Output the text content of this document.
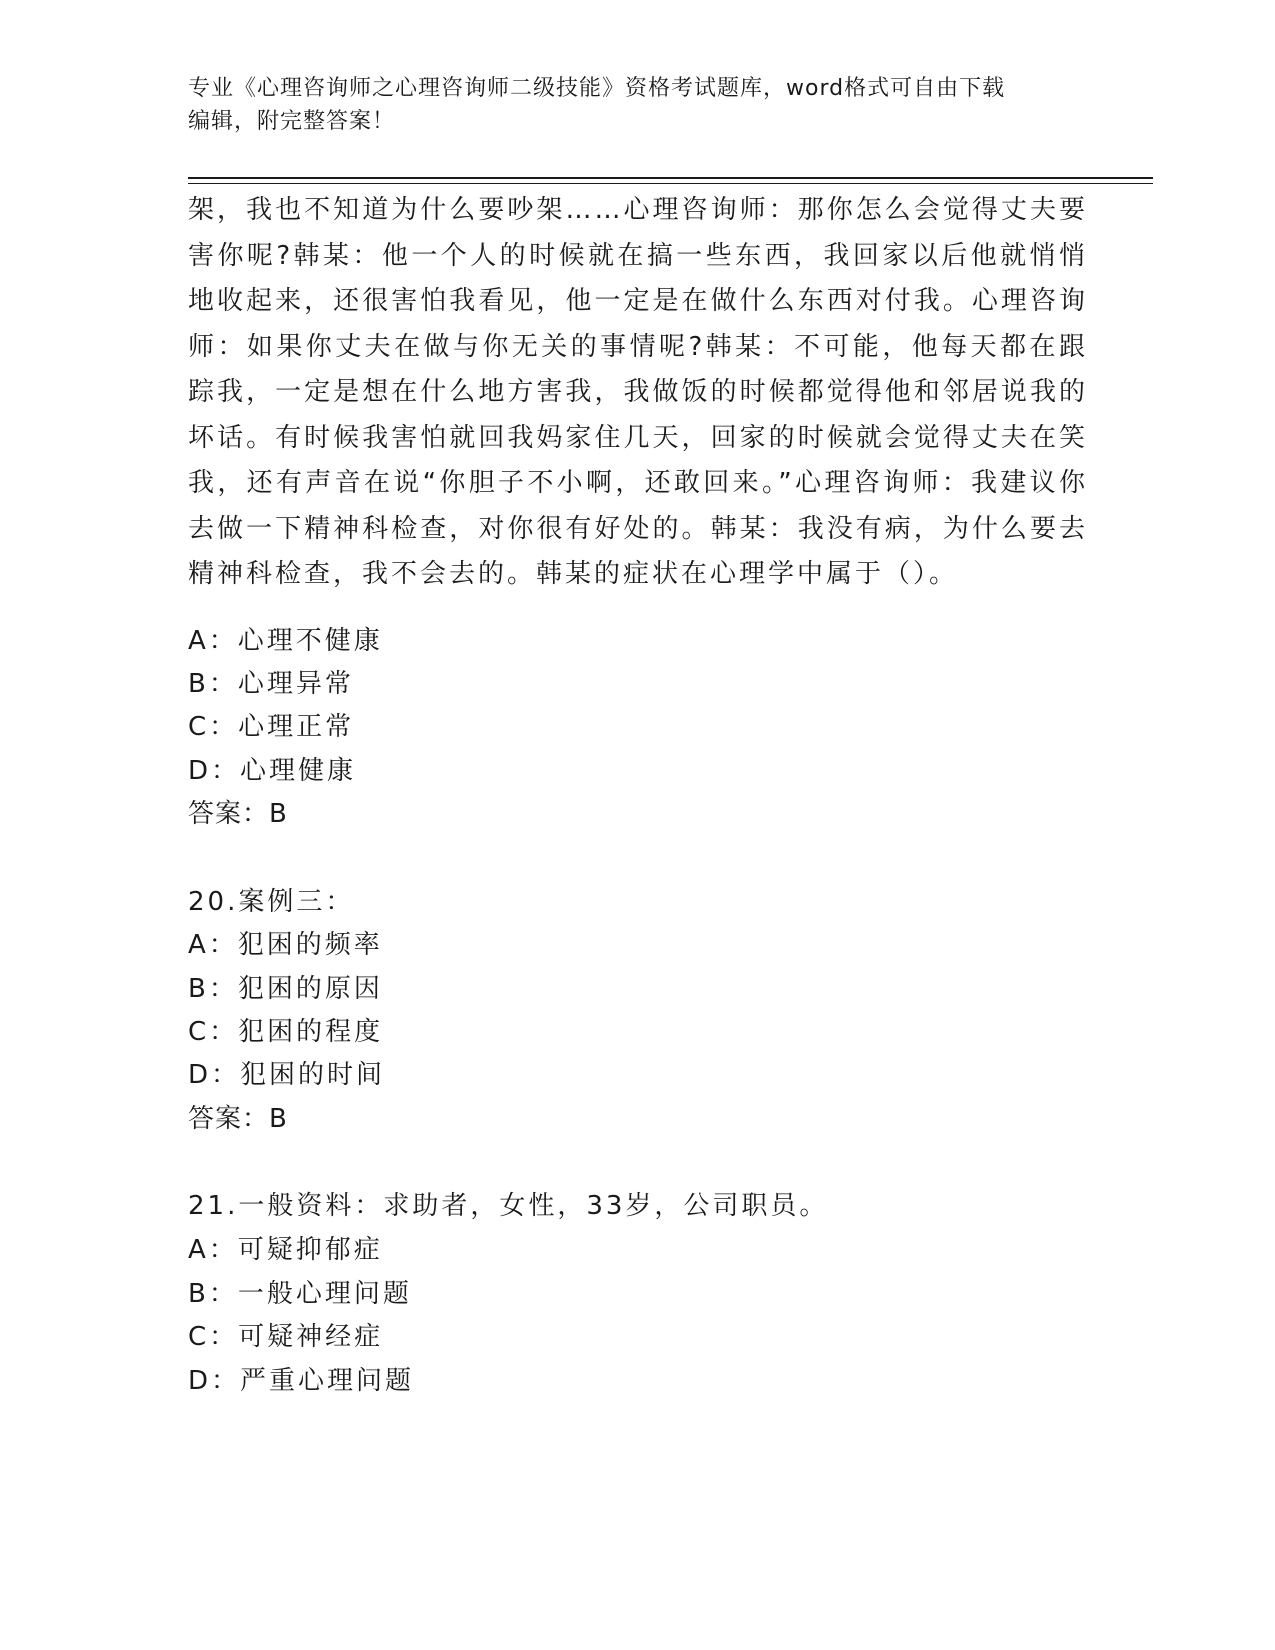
专业《心理咨询师之心理咨询师二级技能》资格考试题库，word格式可自由下载
编辑，附完整答案！
架，我也不知道为什么要吵架……心理咨询师：那你怎么会觉得丈夫要害你呢?韩某：他一个人的时候就在搞一些东西，我回家以后他就悄悄地收起来，还很害怕我看见，他一定是在做什么东西对付我。心理咨询师：如果你丈夫在做与你无关的事情呢?韩某：不可能，他每天都在跟踪我，一定是想在什么地方害我，我做饭的时候都觉得他和邻居说我的坏话。有时候我害怕就回我妈家住几天，回家的时候就会觉得丈夫在笑我，还有声音在说“你胆子不小啊，还敢回来。”心理咨询师：我建议你去做一下精神科检查，对你很有好处的。韩某：我没有病，为什么要去精神科检查，我不会去的。韩某的症状在心理学中属于（）。
A：心理不健康
B：心理异常
C：心理正常
D：心理健康
答案：B
20.案例三：
A：犯困的频率
B：犯困的原因
C：犯困的程度
D：犯困的时间
答案：B
21.一般资料：求助者，女性，33岁，公司职员。
A：可疑抑郁症
B：一般心理问题
C：可疑神经症
D：严重心理问题
